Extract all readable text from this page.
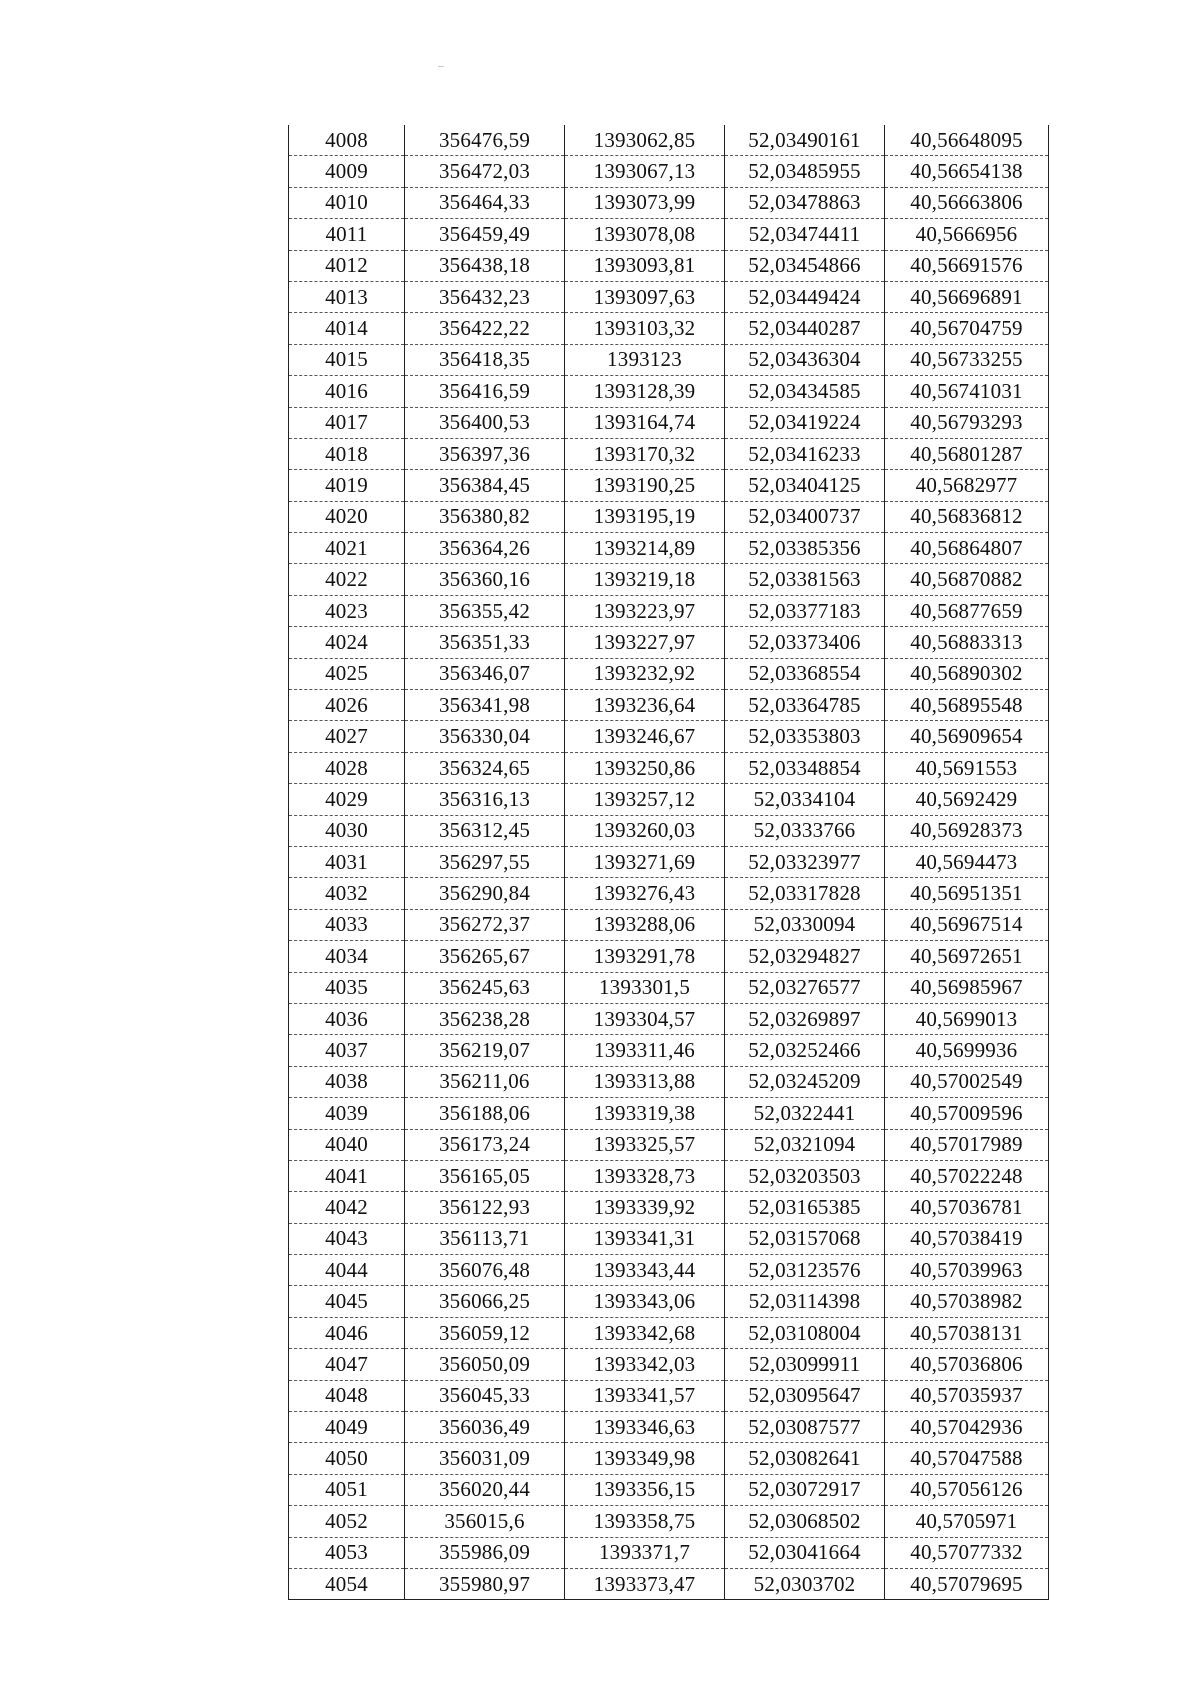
4008	356476,59	1393062,85	52,03490161	40,56648095
4009	356472,03	1393067,13	52,03485955	40,56654138
4010	356464,33	1393073,99	52,03478863	40,56663806
4011	356459,49	1393078,08	52,03474411	40,5666956
4012	356438,18	1393093,81	52,03454866	40,56691576
4013	356432,23	1393097,63	52,03449424	40,56696891
4014	356422,22	1393103,32	52,03440287	40,56704759
4015	356418,35	1393123	52,03436304	40,56733255
4016	356416,59	1393128,39	52,03434585	40,56741031
4017	356400,53	1393164,74	52,03419224	40,56793293
4018	356397,36	1393170,32	52,03416233	40,56801287
4019	356384,45	1393190,25	52,03404125	40,5682977
4020	356380,82	1393195,19	52,03400737	40,56836812
4021	356364,26	1393214,89	52,03385356	40,56864807
4022	356360,16	1393219,18	52,03381563	40,56870882
4023	356355,42	1393223,97	52,03377183	40,56877659
4024	356351,33	1393227,97	52,03373406	40,56883313
4025	356346,07	1393232,92	52,03368554	40,56890302
4026	356341,98	1393236,64	52,03364785	40,56895548
4027	356330,04	1393246,67	52,03353803	40,56909654
4028	356324,65	1393250,86	52,03348854	40,5691553
4029	356316,13	1393257,12	52,0334104	40,5692429
4030	356312,45	1393260,03	52,0333766	40,56928373
4031	356297,55	1393271,69	52,03323977	40,5694473
4032	356290,84	1393276,43	52,03317828	40,56951351
4033	356272,37	1393288,06	52,0330094	40,56967514
4034	356265,67	1393291,78	52,03294827	40,56972651
4035	356245,63	1393301,5	52,03276577	40,56985967
4036	356238,28	1393304,57	52,03269897	40,5699013
4037	356219,07	1393311,46	52,03252466	40,5699936
4038	356211,06	1393313,88	52,03245209	40,57002549
4039	356188,06	1393319,38	52,0322441	40,57009596
4040	356173,24	1393325,57	52,0321094	40,57017989
4041	356165,05	1393328,73	52,03203503	40,57022248
4042	356122,93	1393339,92	52,03165385	40,57036781
4043	356113,71	1393341,31	52,03157068	40,57038419
4044	356076,48	1393343,44	52,03123576	40,57039963
4045	356066,25	1393343,06	52,03114398	40,57038982
4046	356059,12	1393342,68	52,03108004	40,57038131
4047	356050,09	1393342,03	52,03099911	40,57036806
4048	356045,33	1393341,57	52,03095647	40,57035937
4049	356036,49	1393346,63	52,03087577	40,57042936
4050	356031,09	1393349,98	52,03082641	40,57047588
4051	356020,44	1393356,15	52,03072917	40,57056126
4052	356015,6	1393358,75	52,03068502	40,5705971
4053	355986,09	1393371,7	52,03041664	40,57077332
4054	355980,97	1393373,47	52,0303702	40,57079695
